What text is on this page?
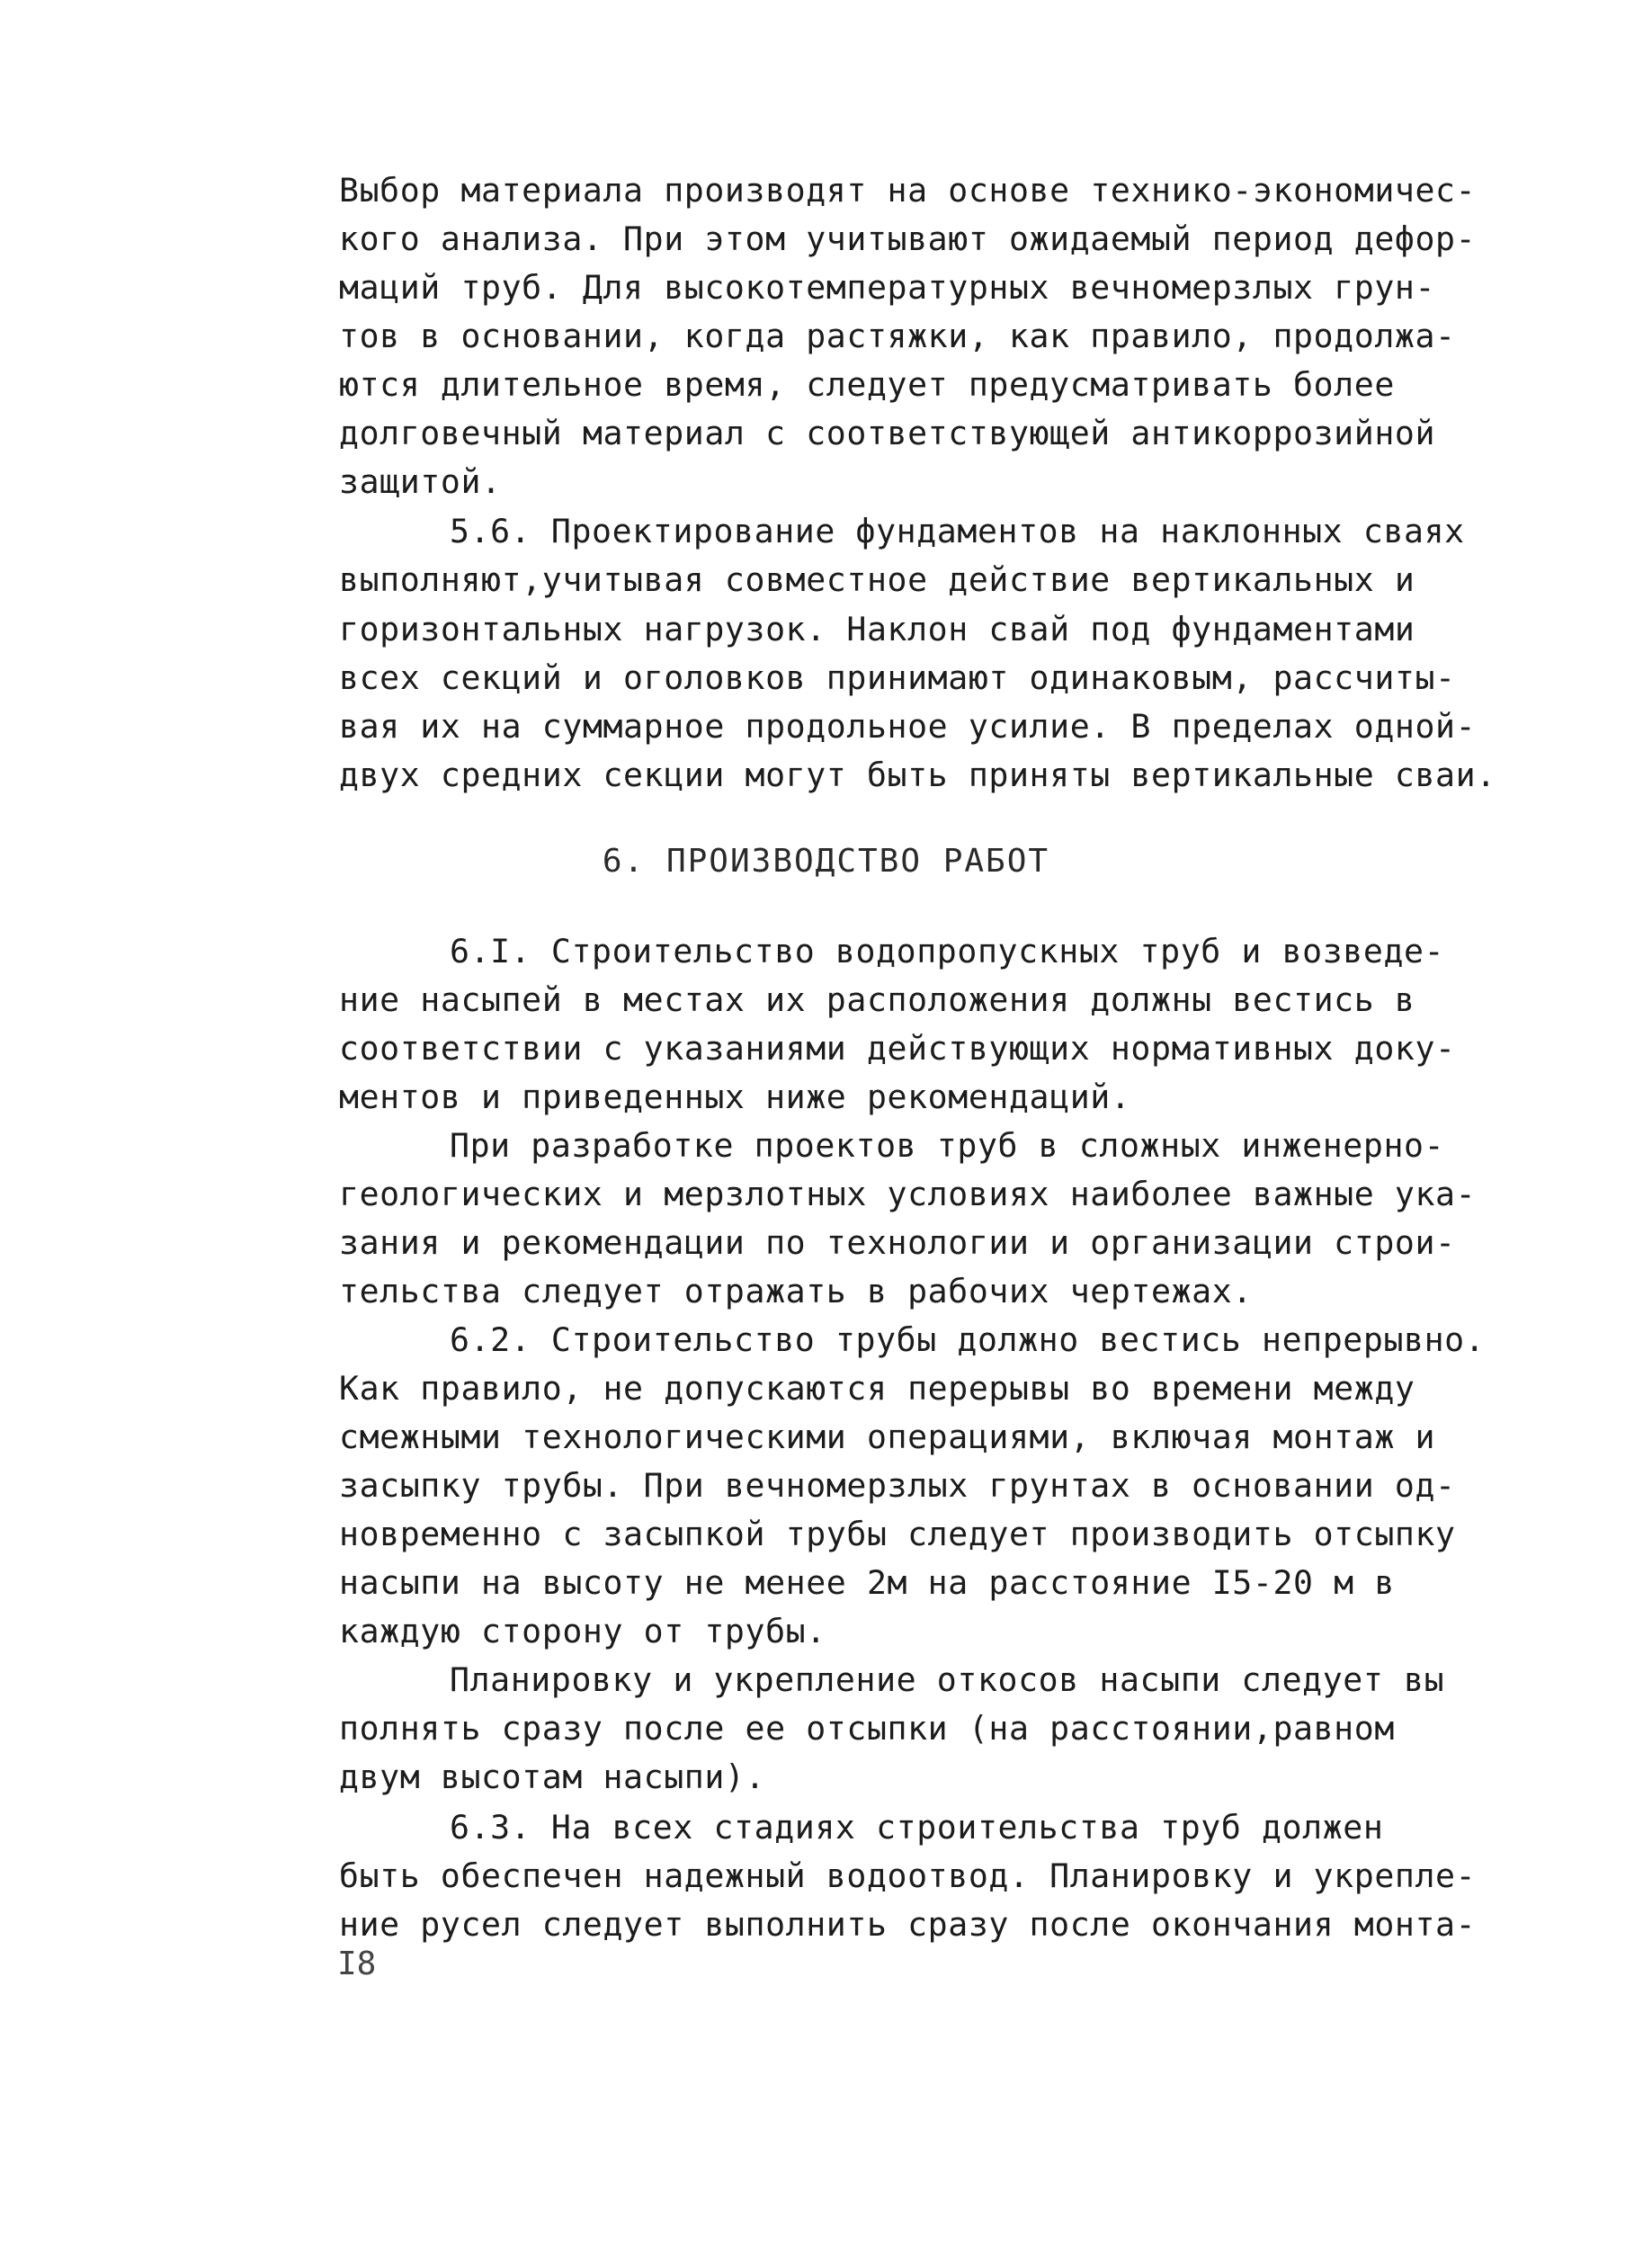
Выбор материала производят на основе технико-экономичес-
кого анализа. При этом учитывают ожидаемый период дефор-
маций труб. Для высокотемпературных вечномерзлых грун-
тов в основании, когда растяжки, как правило, продолжа-
ются длительное время, следует предусматривать более
долговечный материал с соответствующей антикоррозийной
защитой.
5.6. Проектирование фундаментов на наклонных сваях
выполняют,учитывая совместное действие вертикальных и
горизонтальных нагрузок. Наклон свай под фундаментами
всех секций и оголовков принимают одинаковым, рассчиты-
вая их на суммарное продольное усилие. В пределах одной-
двух средних секции могут быть приняты вертикальные сваи.
6. ПРОИЗВОДСТВО РАБОТ
6.I. Строительство водопропускных труб и возведе-
ние насыпей в местах их расположения должны вестись в
соответствии с указаниями действующих нормативных доку-
ментов и приведенных ниже рекомендаций.
При разработке проектов труб в сложных инженерно-
геологических и мерзлотных условиях наиболее важные ука-
зания и рекомендации по технологии и организации строи-
тельства следует отражать в рабочих чертежах.
6.2. Строительство трубы должно вестись непрерывно.
Как правило, не допускаются перерывы во времени между
смежными технологическими операциями, включая монтаж и
засыпку трубы. При вечномерзлых грунтах в основании од-
новременно с засыпкой трубы следует производить отсыпку
насыпи на высоту не менее 2м на расстояние I5-20 м в
каждую сторону от трубы.
Планировку и укрепление откосов насыпи следует вы
полнять сразу после ее отсыпки (на расстоянии,равном
двум высотам насыпи).
6.3. На всех стадиях строительства труб должен
быть обеспечен надежный водоотвод. Планировку и укрепле-
ние русел следует выполнить сразу после окончания монта-
I8
